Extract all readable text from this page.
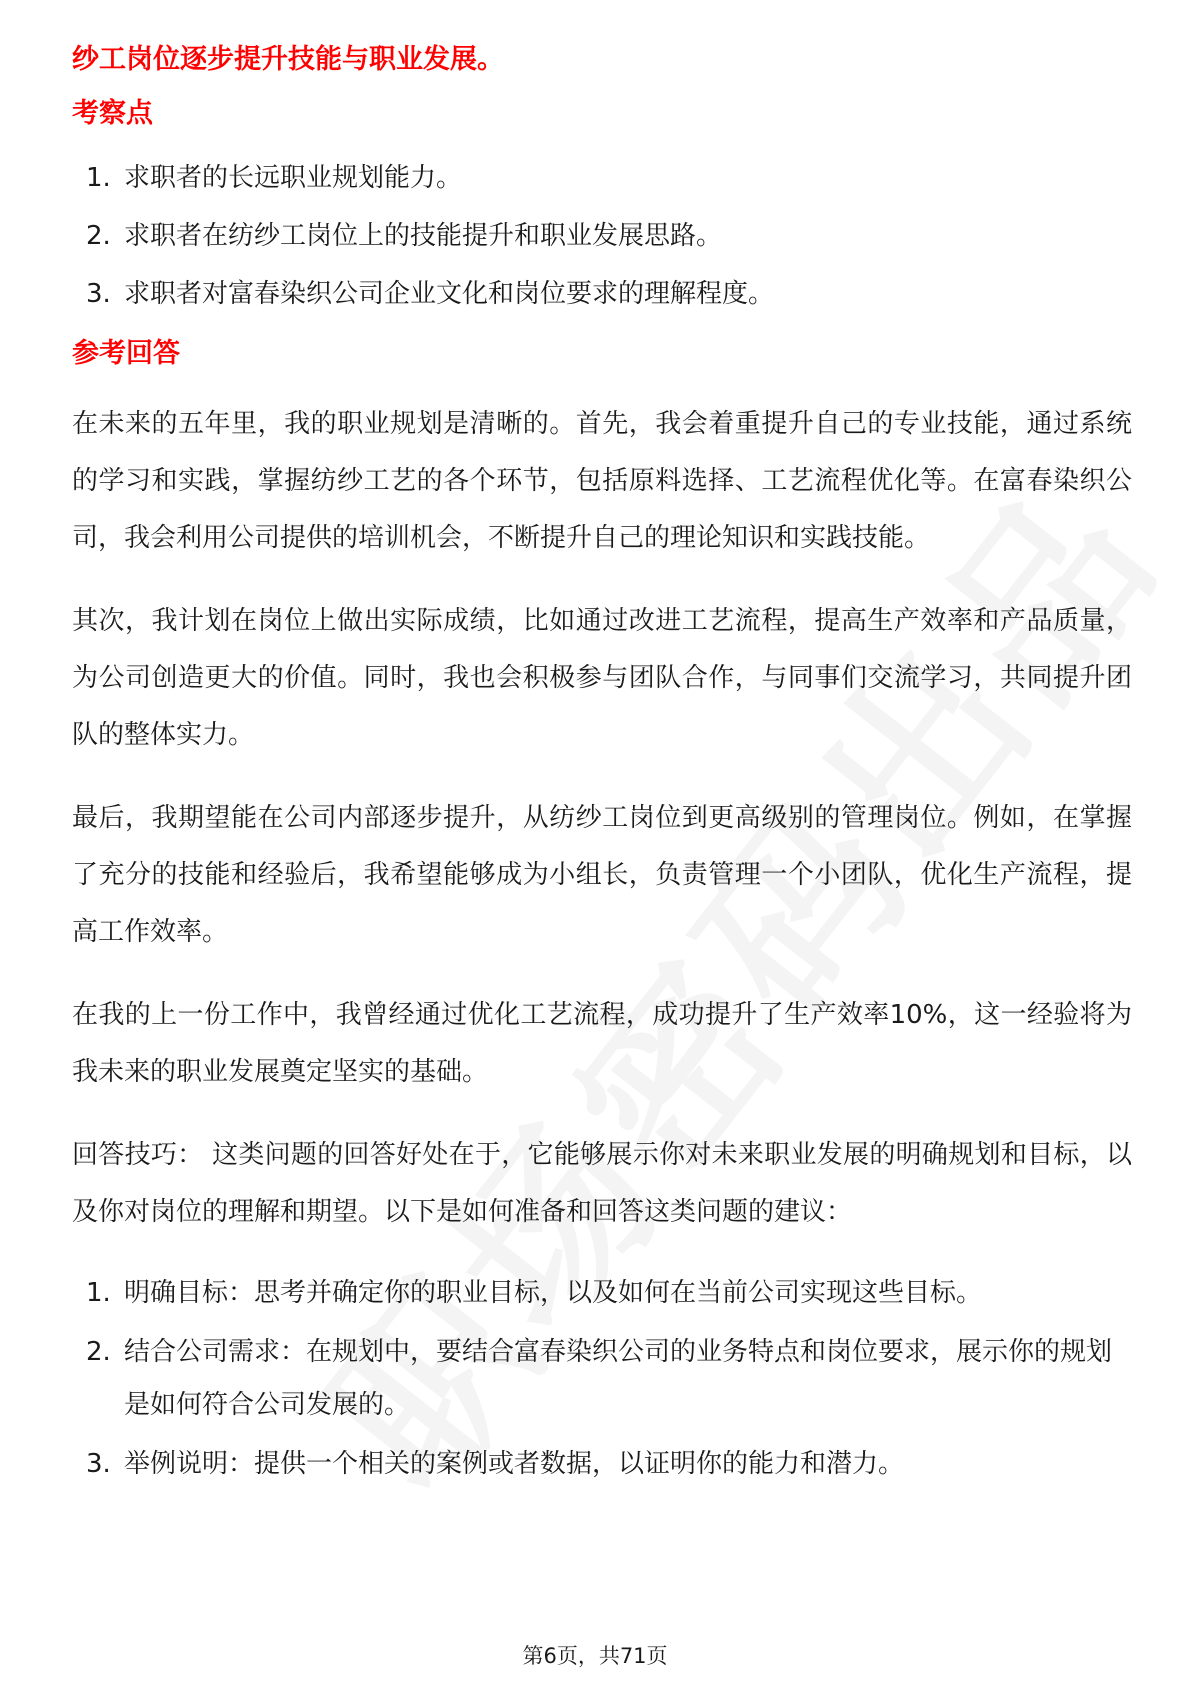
纱工岗位逐步提升技能与职业发展。

考察点

1. 求职者的长远职业规划能力。
2. 求职者在纺纱工岗位上的技能提升和职业发展思路。
3. 求职者对富春染织公司企业文化和岗位要求的理解程度。

参考回答

在未来的五年里，我的职业规划是清晰的。首先，我会着重提升自己的专业技能，通过系统的学习和实践，掌握纺纱工艺的各个环节，包括原料选择、工艺流程优化等。在富春染织公司，我会利用公司提供的培训机会，不断提升自己的理论知识和实践技能。

其次，我计划在岗位上做出实际成绩，比如通过改进工艺流程，提高生产效率和产品质量，为公司创造更大的价值。同时，我也会积极参与团队合作，与同事们交流学习，共同提升团队的整体实力。

最后，我期望能在公司内部逐步提升，从纺纱工岗位到更高级别的管理岗位。例如，在掌握了充分的技能和经验后，我希望能够成为小组长，负责管理一个小团队，优化生产流程，提高工作效率。

在我的上一份工作中，我曾经通过优化工艺流程，成功提升了生产效率10%，这一经验将为我未来的职业发展奠定坚实的基础。

回答技巧： 这类问题的回答好处在于，它能够展示你对未来职业发展的明确规划和目标，以及你对岗位的理解和期望。以下是如何准备和回答这类问题的建议：

1. 明确目标：思考并确定你的职业目标，以及如何在当前公司实现这些目标。
2. 结合公司需求：在规划中，要结合富春染织公司的业务特点和岗位要求，展示你的规划是如何符合公司发展的。
3. 举例说明：提供一个相关的案例或者数据，以证明你的能力和潜力。
第6页，共71页
